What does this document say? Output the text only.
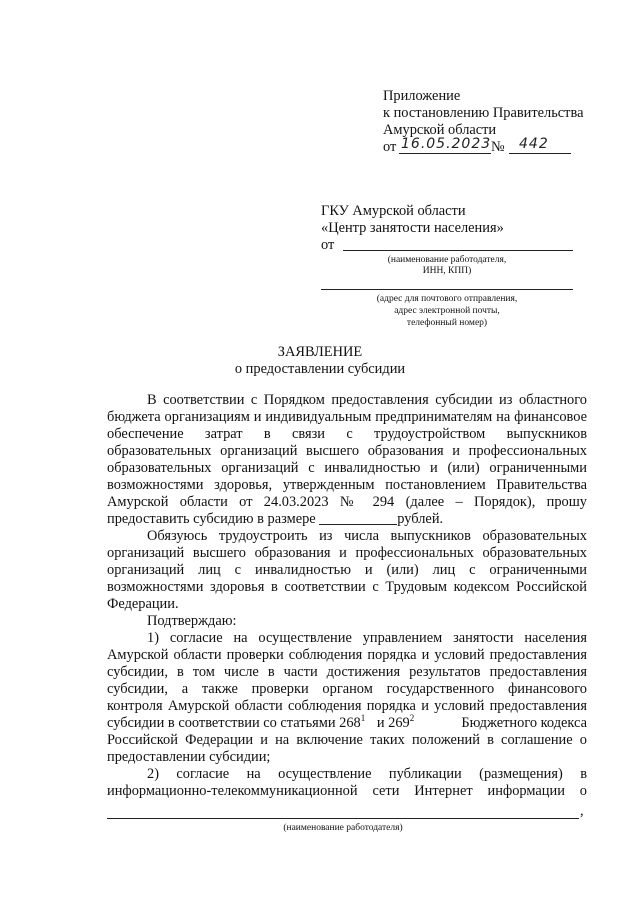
Приложение
к постановлению Правительства
Амурской области
от 16.05.2023 № 442
ГКУ Амурской области
«Центр занятости населения»
от
(наименование работодателя,
ИНН, КПП)
(адрес для почтового отправления,
адрес электронной почты,
телефонный номер)
ЗАЯВЛЕНИЕ
о предоставлении субсидии
В соответствии с Порядком предоставления субсидии из областного
бюджета организациям и индивидуальным предпринимателям на финансовое
обеспечение затрат в связи с трудоустройством выпускников
образовательных организаций высшего образования и профессиональных
образовательных организаций с инвалидностью и (или) ограниченными
возможностями здоровья, утвержденным постановлением Правительства
Амурской области от 24.03.2023 № 294 (далее – Порядок), прошу
предоставить субсидию в размере	рублей.
Обязуюсь трудоустроить из числа выпускников образовательных
организаций высшего образования и профессиональных образовательных
организаций лиц с инвалидностью и (или) лиц с ограниченными
возможностями здоровья в соответствии с Трудовым кодексом Российской
Федерации.
Подтверждаю:
1) согласие на осуществление управлением занятости населения
Амурской области проверки соблюдения порядка и условий предоставления
субсидии, в том числе в части достижения результатов предоставления
субсидии, а также проверки органом государственного финансового
контроля Амурской области соблюдения порядка и условий предоставления
субсидии в соответствии со статьями $268^1$ и $269^2$	Бюджетного кодекса
Российской Федерации и на включение таких положений в соглашение о
предоставлении субсидии;
2) согласие на осуществление публикации (размещения) в
информационно-телекоммуникационной сети Интернет информации о
,
(наименование работодателя)
